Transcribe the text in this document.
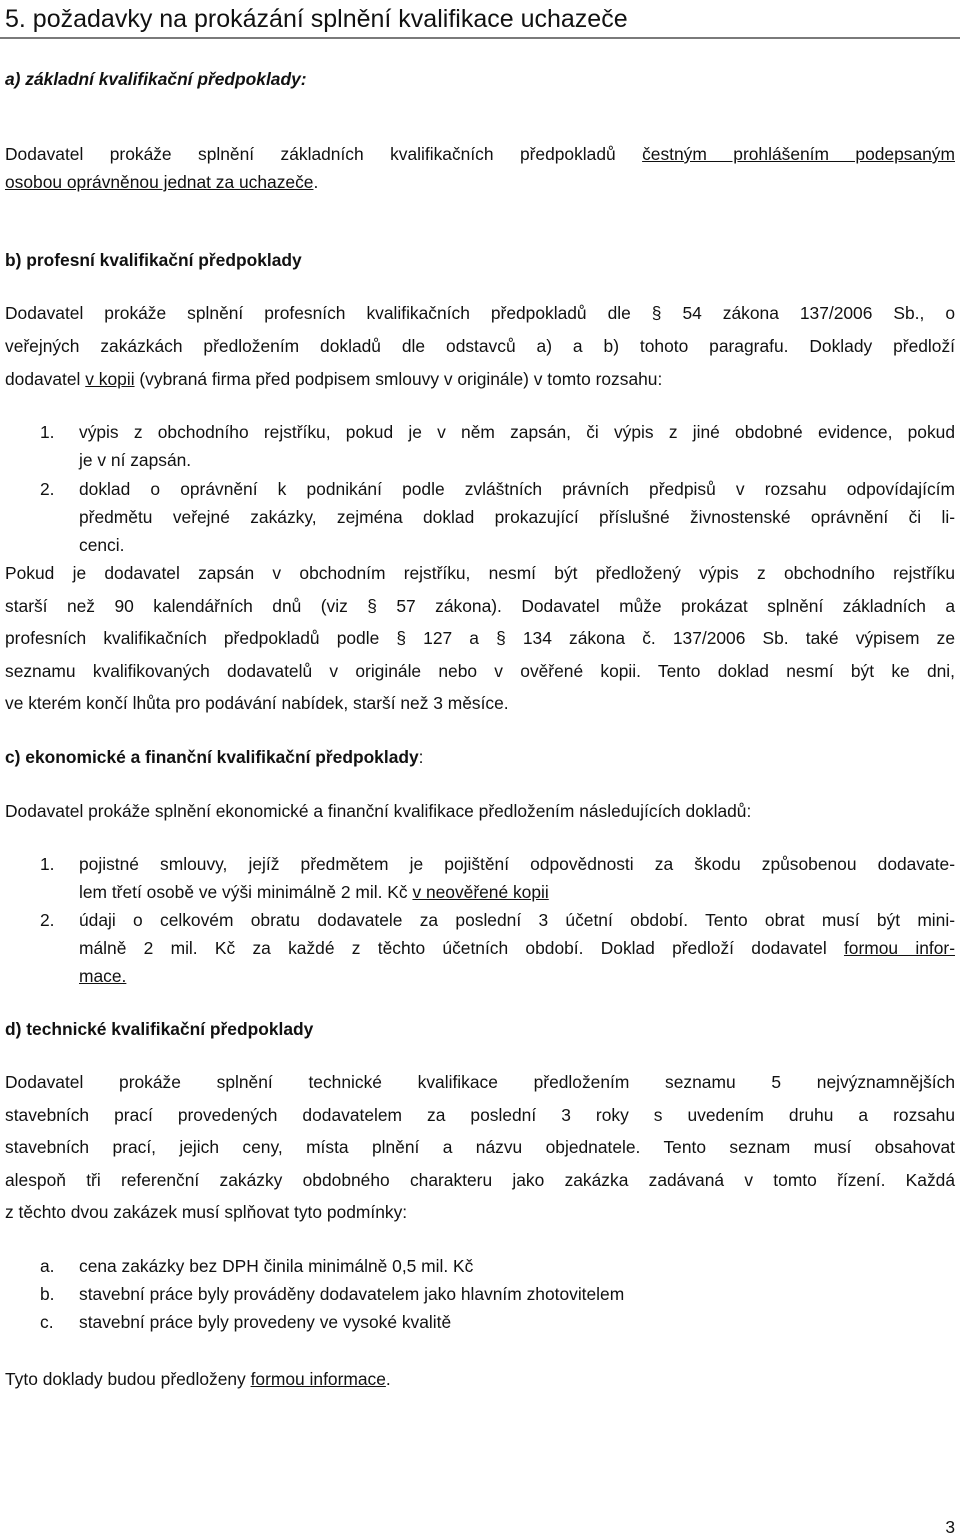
5. požadavky na prokázání splnění kvalifikace uchazeče

a) základní kvalifikační předpoklady:

Dodavatel prokáže splnění základních kvalifikačních předpokladů čestným prohlášením podepsaným

osobou oprávněnou jednat za uchazeče.

b) profesní kvalifikační předpoklady

Dodavatel prokáže splnění profesních kvalifikačních předpokladů dle § 54 zákona 137/2006 Sb., o

veřejných zakázkách předložením dokladů dle odstavců a) a b) tohoto paragrafu. Doklady předloží

dodavatel v kopii (vybraná firma před podpisem smlouvy v originále) v tomto rozsahu:

1. výpis z obchodního rejstříku, pokud je v něm zapsán, či výpis z jiné obdobné evidence, pokud

je v ní zapsán.

2. doklad o oprávnění k podnikání podle zvláštních právních předpisů v rozsahu odpovídajícím

předmětu veřejné zakázky, zejména doklad prokazující příslušné živnostenské oprávnění či li-

cenci.

Pokud je dodavatel zapsán v obchodním rejstříku, nesmí být předložený výpis z obchodního rejstříku

starší než 90 kalendářních dnů (viz § 57 zákona). Dodavatel může prokázat splnění základních a

profesních kvalifikačních předpokladů podle § 127 a § 134 zákona č. 137/2006 Sb. také výpisem ze

seznamu kvalifikovaných dodavatelů v originále nebo v ověřené kopii. Tento doklad nesmí být ke dni,

ve kterém končí lhůta pro podávání nabídek, starší než 3 měsíce.

c) ekonomické a finanční kvalifikační předpoklady:

Dodavatel prokáže splnění ekonomické a finanční kvalifikace předložením následujících dokladů:

1. pojistné smlouvy, jejíž předmětem je pojištění odpovědnosti za škodu způsobenou dodavate-

lem třetí osobě ve výši minimálně 2 mil. Kč v neověřené kopii

2. údaji o celkovém obratu dodavatele za poslední 3 účetní období. Tento obrat musí být mini-

málně 2 mil. Kč za každé z těchto účetních období. Doklad předloží dodavatel formou infor-

mace.

d) technické kvalifikační předpoklady

Dodavatel prokáže splnění technické kvalifikace předložením seznamu 5 nejvýznamnějších

stavebních prací provedených dodavatelem za poslední 3 roky s uvedením druhu a rozsahu

stavebních prací, jejich ceny, místa plnění a názvu objednatele. Tento seznam musí obsahovat

alespoň tři referenční zakázky obdobného charakteru jako zakázka zadávaná v tomto řízení. Každá

z těchto dvou zakázek musí splňovat tyto podmínky:

a. cena zakázky bez DPH činila minimálně 0,5 mil. Kč

b. stavební práce byly prováděny dodavatelem jako hlavním zhotovitelem

c. stavební práce byly provedeny ve vysoké kvalitě

Tyto doklady budou předloženy formou informace.

3
